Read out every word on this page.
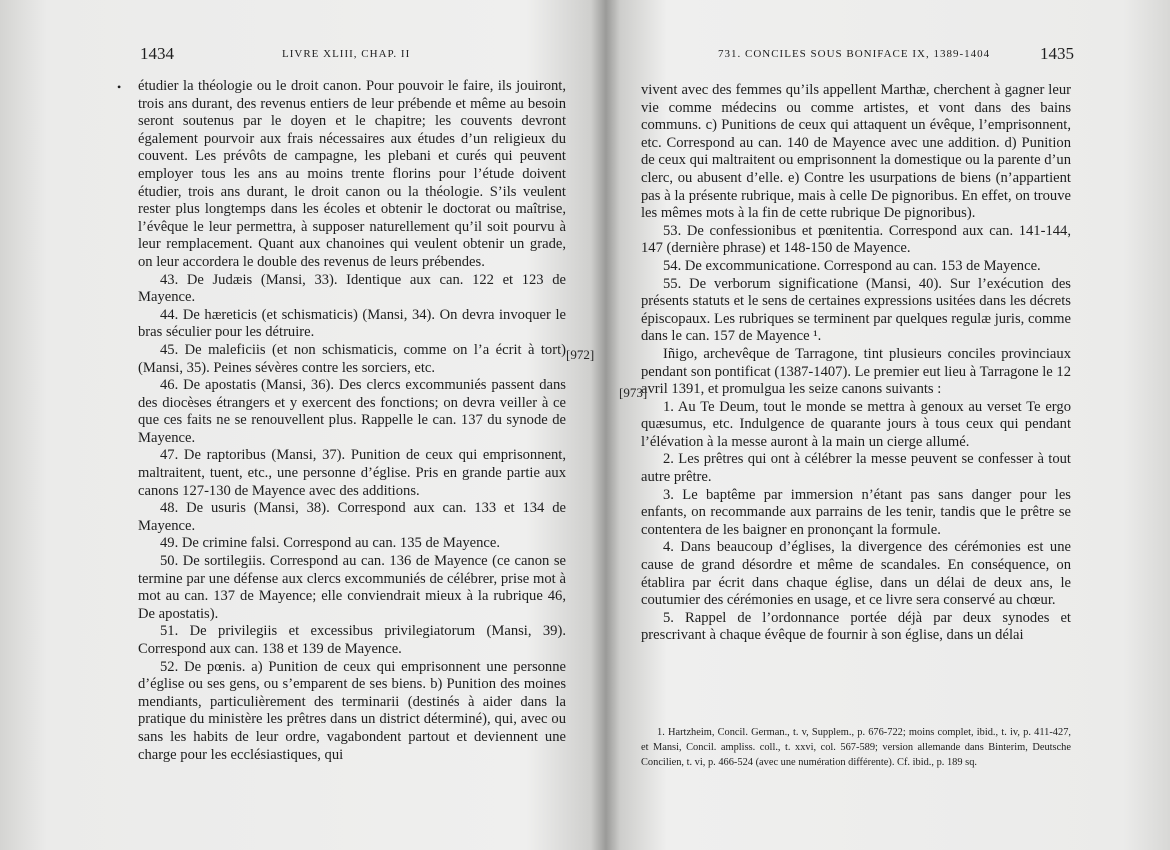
1434	LIVRE XLIII, CHAP. II
• étudier la théologie ou le droit canon. Pour pouvoir le faire, ils jouiront, trois ans durant, des revenus entiers de leur prébende et même au besoin seront soutenus par le doyen et le chapitre; les couvents devront également pourvoir aux frais nécessaires aux études d’un religieux du couvent. Les prévôts de campagne, les plebani et curés qui peuvent employer tous les ans au moins trente florins pour l’étude doivent étudier, trois ans durant, le droit canon ou la théologie. S’ils veulent rester plus longtemps dans les écoles et obtenir le doctorat ou maîtrise, l’évêque le leur permettra, à supposer naturellement qu’il soit pourvu à leur remplacement. Quant aux chanoines qui veulent obtenir un grade, on leur accordera le double des revenus de leurs prébendes.

43. De Judæis (Mansi, 33). Identique aux can. 122 et 123 de Mayence.

44. De hæreticis (et schismaticis) (Mansi, 34). On devra invoquer le bras séculier pour les détruire.

45. De maleficiis (et non schismaticis, comme on l’a écrit à tort) (Mansi, 35). Peines sévères contre les sorciers, etc.

46. De apostatis (Mansi, 36). Des clercs excommuniés passent dans des diocèses étrangers et y exercent des fonctions; on devra veiller à ce que ces faits ne se renouvellent plus. Rappelle le can. 137 du synode de Mayence.

47. De raptoribus (Mansi, 37). Punition de ceux qui emprisonnent, maltraitent, tuent, etc., une personne d’église. Pris en grande partie aux canons 127-130 de Mayence avec des additions.

48. De usuris (Mansi, 38). Correspond aux can. 133 et 134 de Mayence.

49. De crimine falsi. Correspond au can. 135 de Mayence.

50. De sortilegiis. Correspond au can. 136 de Mayence (ce canon se termine par une défense aux clercs excommuniés de célébrer, prise mot à mot au can. 137 de Mayence; elle conviendrait mieux à la rubrique 46, De apostatis).

51. De privilegiis et excessibus privilegiatorum (Mansi, 39). Correspond aux can. 138 et 139 de Mayence.

52. De pœnis. a) Punition de ceux qui emprisonnent une personne d’église ou ses gens, ou s’emparent de ses biens. b) Punition des moines mendiants, particulièrement des terminarii (destinés à aider dans la pratique du ministère les prêtres dans un district déterminé), qui, avec ou sans les habits de leur ordre, vagabondent partout et deviennent une charge pour les ecclésiastiques, qui

[972]
731. CONCILES SOUS BONIFACE IX, 1389-1404	1435

vivent avec des femmes qu’ils appellent Marthæ, cherchent à gagner leur vie comme médecins ou comme artistes, et vont dans des bains communs. c) Punitions de ceux qui attaquent un évêque, l’emprisonnent, etc. Correspond au can. 140 de Mayence avec une addition. d) Punition de ceux qui maltraitent ou emprisonnent la domestique ou la parente d’un clerc, ou abusent d’elle. e) Contre les usurpations de biens (n’appartient pas à la présente rubrique, mais à celle De pignoribus. En effet, on trouve les mêmes mots à la fin de cette rubrique De pignoribus).

53. De confessionibus et pœnitentia. Correspond aux can. 141-144, 147 (dernière phrase) et 148-150 de Mayence.

54. De excommunicatione. Correspond au can. 153 de Mayence.

55. De verborum significatione (Mansi, 40). Sur l’exécution des présents statuts et le sens de certaines expressions usitées dans les décrets épiscopaux. Les rubriques se terminent par quelques regulæ juris, comme dans le can. 157 de Mayence ¹.

Iñigo, archevêque de Tarragone, tint plusieurs conciles provinciaux pendant son pontificat (1387-1407). Le premier eut lieu à Tarragone le 12 avril 1391, et promulgua les seize canons suivants :

1. Au Te Deum, tout le monde se mettra à genoux au verset Te ergo quæsumus, etc. Indulgence de quarante jours à tous ceux qui pendant l’élévation à la messe auront à la main un cierge allumé.

2. Les prêtres qui ont à célébrer la messe peuvent se confesser à tout autre prêtre.

3. Le baptême par immersion n’étant pas sans danger pour les enfants, on recommande aux parrains de les tenir, tandis que le prêtre se contentera de les baigner en prononçant la formule.

4. Dans beaucoup d’églises, la divergence des cérémonies est une cause de grand désordre et même de scandales. En conséquence, on établira par écrit dans chaque église, dans un délai de deux ans, le coutumier des cérémonies en usage, et ce livre sera conservé au chœur.

5. Rappel de l’ordonnance portée déjà par deux synodes et prescrivant à chaque évêque de fournir à son église, dans un délai

[973]

1. Hartzheim, Concil. German., t. v, Supplem., p. 676-722; moins complet, ibid., t. iv, p. 411-427, et Mansi, Concil. ampliss. coll., t. xxvi, col. 567-589; version allemande dans Binterim, Deutsche Concilien, t. vi, p. 466-524 (avec une numération différente). Cf. ibid., p. 189 sq.
